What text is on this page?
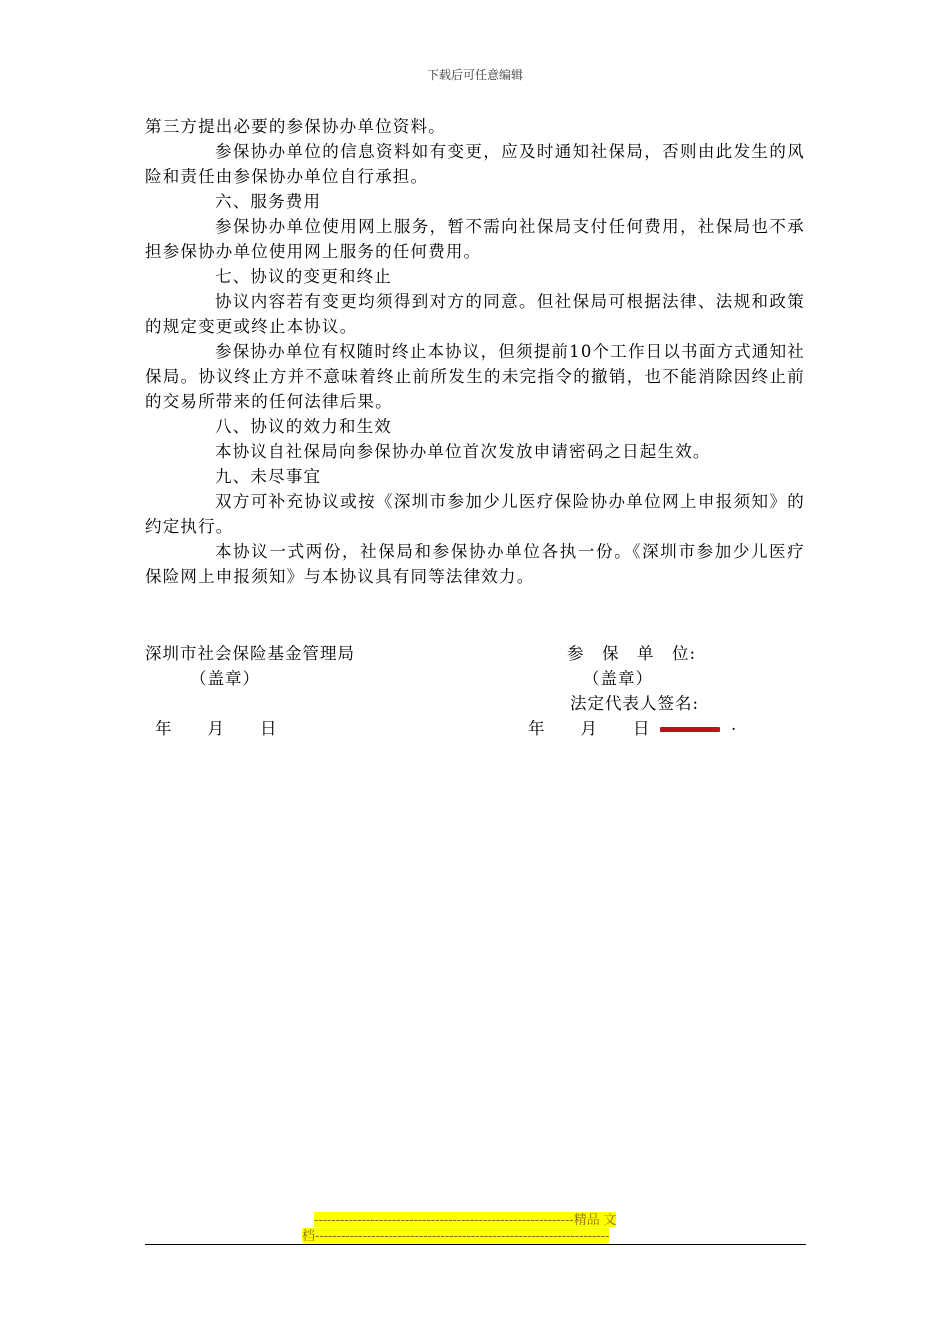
下载后可任意编辑

第三方提出必要的参保协办单位资料。

参保协办单位的信息资料如有变更，应及时通知社保局，否则由此发生的风险和责任由参保协办单位自行承担。

六、服务费用

参保协办单位使用网上服务，暂不需向社保局支付任何费用，社保局也不承担参保协办单位使用网上服务的任何费用。

七、协议的变更和终止

协议内容若有变更均须得到对方的同意。但社保局可根据法律、法规和政策的规定变更或终止本协议。

参保协办单位有权随时终止本协议，但须提前10个工作日以书面方式通知社保局。协议终止方并不意味着终止前所发生的未完指令的撤销，也不能消除因终止前的交易所带来的任何法律后果。

八、协议的效力和生效

本协议自社保局向参保协办单位首次发放申请密码之日起生效。

九、未尽事宜

双方可补充协议或按《深圳市参加少儿医疗保险协办单位网上申报须知》的约定执行。

本协议一式两份，社保局和参保协办单位各执一份。《深圳市参加少儿医疗保险网上申报须知》与本协议具有同等法律效力。

深圳市社会保险基金管理局
（盖章）
年　　月　　日
参　保　单　位:
（盖章）
法定代表人签名:
年　　月　　日	.
------------------------------------------------------------精品 文
档--------------------------------------------------------------------
